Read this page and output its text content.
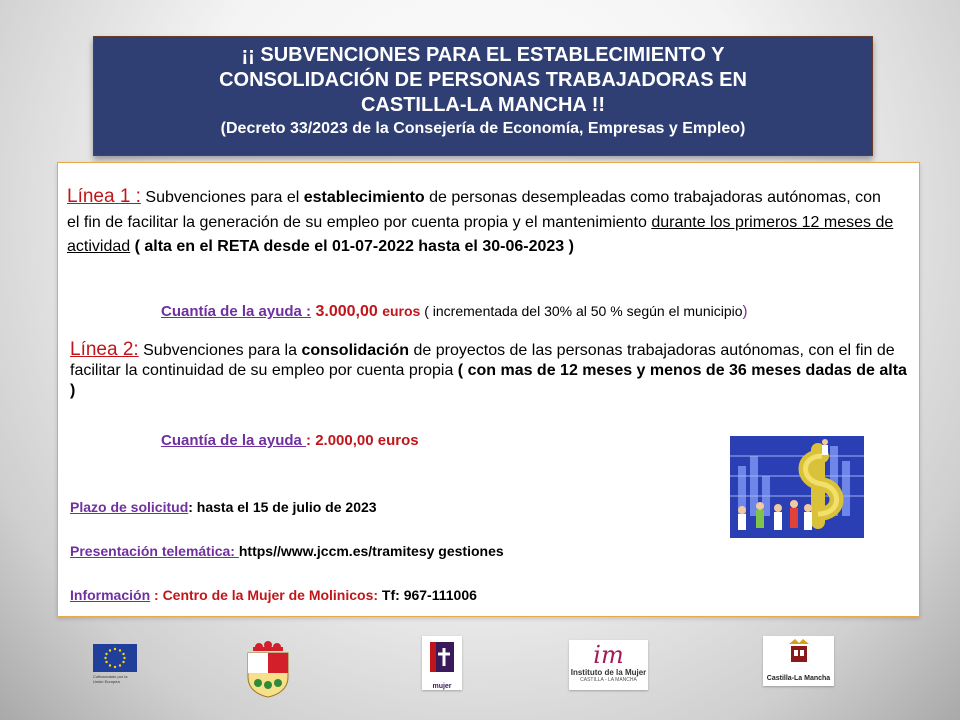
¡¡ SUBVENCIONES PARA EL ESTABLECIMIENTO Y
CONSOLIDACIÓN DE PERSONAS TRABAJADORAS EN
CASTILLA-LA MANCHA !!
(Decreto 33/2023 de la Consejería de Economía, Empresas y Empleo)
Línea 1 : Subvenciones para el establecimiento de personas desempleadas como trabajadoras autónomas, con el fin de facilitar la generación de su empleo por cuenta propia y el mantenimiento durante los primeros 12 meses de actividad ( alta en el RETA desde el 01-07-2022 hasta el 30-06-2023 )
Cuantía de la ayuda : 3.000,00 euros ( incrementada del 30% al 50 % según el municipio)
Línea 2: Subvenciones para la consolidación de proyectos de las personas trabajadoras autónomas, con el fin de facilitar la continuidad de su empleo por cuenta propia ( con mas de 12 meses y menos de 36 meses dadas de alta )
Cuantía de la ayuda : 2.000,00 euros
Plazo de solicitud: hasta el 15 de julio de 2023
Presentación telemática: https//www.jccm.es/tramitesy gestiones
Información : Centro de la Mujer de Molinicos: Tf: 967-111006
Cofinanciado por la Unión Europea
mujer
im
Instituto de la Mujer
CASTILLA - LA MANCHA	Castilla-La Mancha
